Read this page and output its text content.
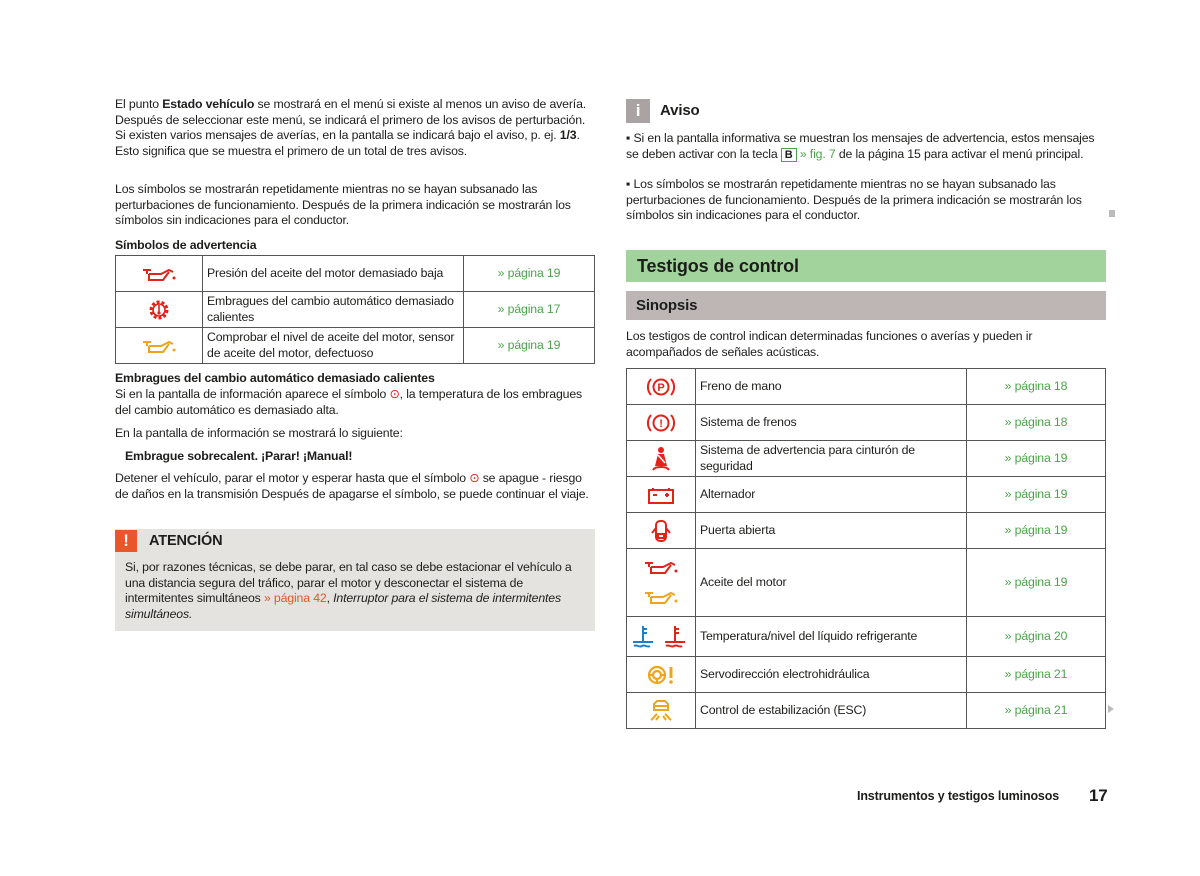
El punto Estado vehículo se mostrará en el menú si existe al menos un aviso de avería. Después de seleccionar este menú, se indicará el primero de los avisos de perturbación. Si existen varios mensajes de averías, en la pantalla se indicará bajo el aviso, p. ej. 1/3. Esto significa que se muestra el primero de un total de tres avisos.

Los símbolos se mostrarán repetidamente mientras no se hayan subsanado las perturbaciones de funcionamiento. Después de la primera indicación se mostrarán los símbolos sin indicaciones para el conductor.

Símbolos de advertencia
	Presión del aceite del motor demasiado baja	» página 19
	Embragues del cambio automático demasiado calientes	» página 17
	Comprobar el nivel de aceite del motor, sensor de aceite del motor, defectuoso	» página 19
Embragues del cambio automático demasiado calientes

Si en la pantalla de información aparece el símbolo ⊙, la temperatura de los embragues del cambio automático es demasiado alta.

En la pantalla de información se mostrará lo siguiente:

Embrague sobrecalent. ¡Parar! ¡Manual!

Detener el vehículo, parar el motor y esperar hasta que el símbolo ⊙ se apague - riesgo de daños en la transmisión Después de apagarse el símbolo, se puede continuar el viaje.

!	ATENCIÓN

Si, por razones técnicas, se debe parar, en tal caso se debe estacionar el vehículo a una distancia segura del tráfico, parar el motor y desconectar el sistema de intermitentes simultáneos » página 42, Interruptor para el sistema de intermitentes simultáneos.

i	Aviso

▪ Si en la pantalla informativa se muestran los mensajes de advertencia, estos mensajes se deben activar con la tecla B » fig. 7 de la página 15 para activar el menú principal.

▪ Los símbolos se mostrarán repetidamente mientras no se hayan subsanado las perturbaciones de funcionamiento. Después de la primera indicación se mostrarán los símbolos sin indicaciones para el conductor.

Testigos de control
Sinopsis

Los testigos de control indican determinadas funciones o averías y pueden ir acompañados de señales acústicas.

P	Freno de mano	» página 18

!	Sistema de frenos	» página 18
	Sistema de advertencia para cinturón de seguridad	» página 19
	Alternador	» página 19
	Puerta abierta	» página 19
	Aceite del motor	» página 19
	Temperatura/nivel del líquido refrigerante	» página 20
	Servodirección electrohidráulica	» página 21
	Control de estabilización (ESC)	» página 21
Instrumentos y testigos luminosos 17
